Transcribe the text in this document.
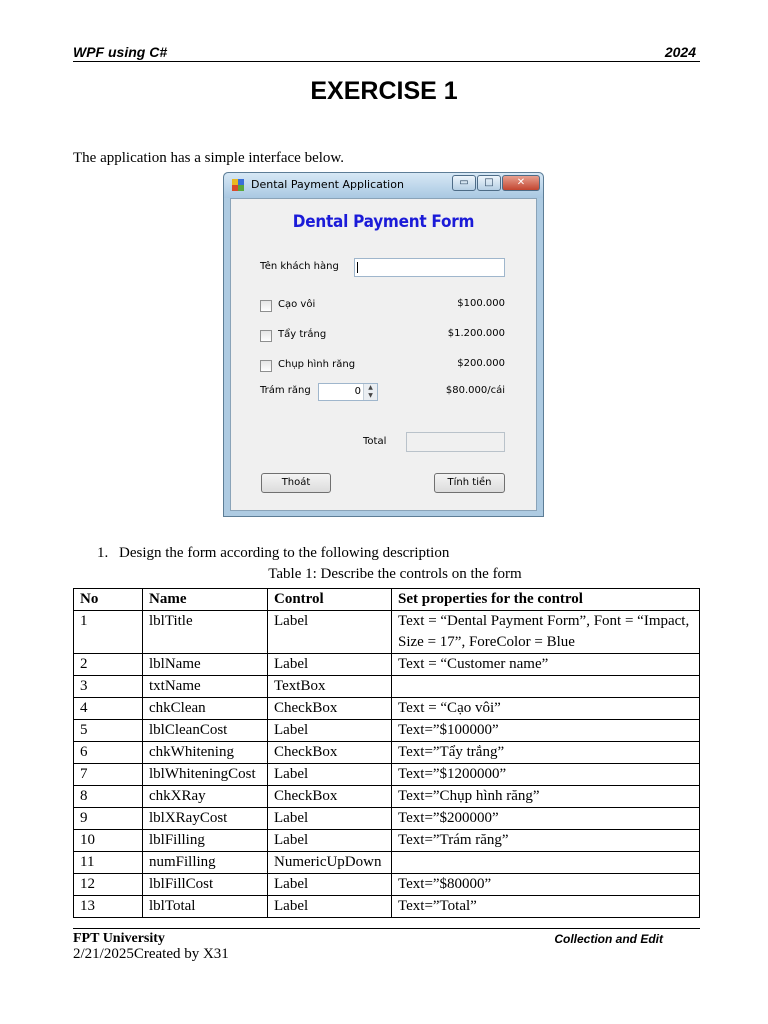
WPF using C#	2024
EXERCISE 1
The application has a simple interface below.
Dental Payment Application	▭	□	✕
Dental Payment Form
Tên khách hàng
Cạo vôi	$100.000
Tẩy trắng	$1.200.000
Chụp hình răng	$200.000
Trám răng	0	▲
▼	$80.000/cái
Total
Thoát	Tính tiền
1. Design the form according to the following description
Table 1: Describe the controls on the form
No	Name	Control	Set properties for the control
1	lblTitle	Label	Text = “Dental Payment Form”, Font = “Impact, Size = 17”, ForeColor = Blue
2	lblName	Label	Text = “Customer name”
3	txtName	TextBox	
4	chkClean	CheckBox	Text = “Cạo vôi”
5	lblCleanCost	Label	Text=”$100000”
6	chkWhitening	CheckBox	Text=”Tẩy trắng”
7	lblWhiteningCost	Label	Text=”$1200000”
8	chkXRay	CheckBox	Text=”Chụp hình răng”
9	lblXRayCost	Label	Text=”$200000”
10	lblFilling	Label	Text=”Trám răng”
11	numFilling	NumericUpDown	
12	lblFillCost	Label	Text=”$80000”
13	lblTotal	Label	Text=”Total”
FPT University	Collection and Edit
2/21/2025Created by X31
